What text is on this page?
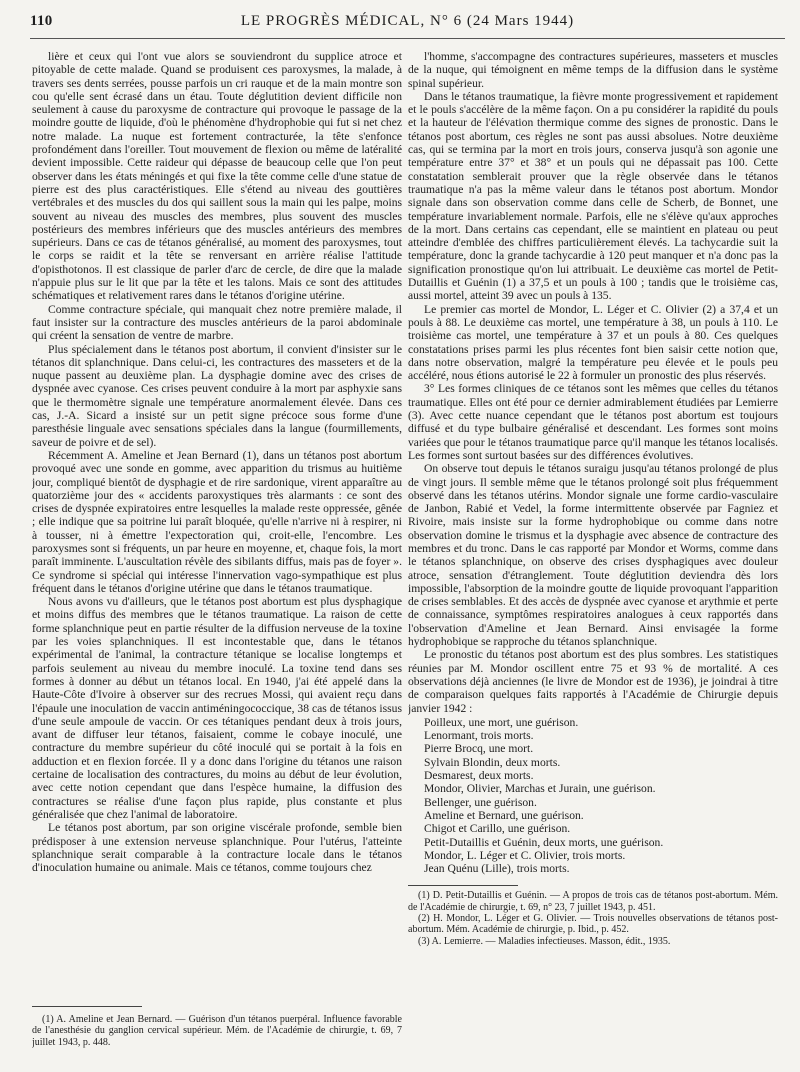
110	LE PROGRÈS MÉDICAL, N° 6 (24 Mars 1944)

lière et ceux qui l'ont vue alors se souviendront du supplice atroce et pitoyable de cette malade. Quand se produisent ces paroxysmes, la malade, à travers ses dents serrées, pousse parfois un cri rauque et de la main montre son cou qu'elle sent écrasé dans un étau. Toute déglutition devient difficile non seulement à cause du paroxysme de contracture qui provoque le passage de la moindre goutte de liquide, d'où le phénomène d'hydrophobie qui fut si net chez notre malade. La nuque est fortement contracturée, la tête s'enfonce profondément dans l'oreiller. Tout mouvement de flexion ou même de latéralité devient impossible. Cette raideur qui dépasse de beaucoup celle que l'on peut observer dans les états méningés et qui fixe la tête comme celle d'une statue de pierre est des plus caractéristiques. Elle s'étend au niveau des gouttières vertébrales et des muscles du dos qui saillent sous la main qui les palpe, moins souvent au niveau des muscles des membres, plus souvent des muscles postérieurs des membres inférieurs que des muscles antérieurs des membres supérieurs. Dans ce cas de tétanos généralisé, au moment des paroxysmes, tout le corps se raidit et la tête se renversant en arrière réalise l'attitude d'opisthotonos. Il est classique de parler d'arc de cercle, de dire que la malade n'appuie plus sur le lit que par la tête et les talons. Mais ce sont des attitudes schématiques et relativement rares dans le tétanos d'origine utérine.

Comme contracture spéciale, qui manquait chez notre première malade, il faut insister sur la contracture des muscles antérieurs de la paroi abdominale qui créent la sensation de ventre de marbre.

Plus spécialement dans le tétanos post abortum, il convient d'insister sur le tétanos dit splanchnique. Dans celui-ci, les contractures des masseters et de la nuque passent au deuxième plan. La dysphagie domine avec des crises de dyspnée avec cyanose. Ces crises peuvent conduire à la mort par asphyxie sans que le thermomètre signale une température anormalement élevée. Dans ces cas, J.-A. Sicard a insisté sur un petit signe précoce sous forme d'une paresthésie linguale avec sensations spéciales dans la langue (fourmillements, saveur de poivre et de sel).

Récemment A. Ameline et Jean Bernard (1), dans un tétanos post abortum provoqué avec une sonde en gomme, avec apparition du trismus au huitième jour, compliqué bientôt de dysphagie et de rire sardonique, virent apparaître au quatorzième jour des « accidents paroxystiques très alarmants : ce sont des crises de dyspnée expiratoires entre lesquelles la malade reste oppressée, gênée ; elle indique que sa poitrine lui paraît bloquée, qu'elle n'arrive ni à respirer, ni à tousser, ni à émettre l'expectoration qui, croit-elle, l'encombre. Les paroxysmes sont si fréquents, un par heure en moyenne, et, chaque fois, la mort paraît imminente. L'auscultation révèle des sibilants diffus, mais pas de foyer ». Ce syndrome si spécial qui intéresse l'innervation vago-sympathique est plus fréquent dans le tétanos d'origine utérine que dans le tétanos traumatique.

Nous avons vu d'ailleurs, que le tétanos post abortum est plus dysphagique et moins diffus des membres que le tétanos traumatique. La raison de cette forme splanchnique peut en partie résulter de la diffusion nerveuse de la toxine par les voies splanchniques. Il est incontestable que, dans le tétanos expérimental de l'animal, la contracture tétanique se localise longtemps et parfois seulement au niveau du membre inoculé. La toxine tend dans ses formes à donner au début un tétanos local. En 1940, j'ai été appelé dans la Haute-Côte d'Ivoire à observer sur des recrues Mossi, qui avaient reçu dans l'épaule une inoculation de vaccin antiméningococcique, 38 cas de tétanos issus d'une seule ampoule de vaccin. Or ces tétaniques pendant deux à trois jours, avant de diffuser leur tétanos, faisaient, comme le cobaye inoculé, une contracture du membre supérieur du côté inoculé qui se portait à la fois en adduction et en flexion forcée. Il y a donc dans l'origine du tétanos une raison certaine de localisation des contractures, du moins au début de leur évolution, avec cette notion cependant que dans l'espèce humaine, la diffusion des contractures se réalise d'une façon plus rapide, plus constante et plus généralisée que chez l'animal de laboratoire.

Le tétanos post abortum, par son origine viscérale profonde, semble bien prédisposer à une extension nerveuse splanchnique. Pour l'utérus, l'atteinte splanchnique serait comparable à la contracture locale dans le tétanos d'inoculation humaine ou animale. Mais ce tétanos, comme toujours chez

(1) A. Ameline et Jean Bernard. — Guérison d'un tétanos puerpéral. Influence favorable de l'anesthésie du ganglion cervical supérieur. Mém. de l'Académie de chirurgie, t. 69, 7 juillet 1943, p. 448.

l'homme, s'accompagne des contractures supérieures, masseters et muscles de la nuque, qui témoignent en même temps de la diffusion dans le système spinal supérieur.

Dans le tétanos traumatique, la fièvre monte progressivement et rapidement et le pouls s'accélère de la même façon. On a pu considérer la rapidité du pouls et la hauteur de l'élévation thermique comme des signes de pronostic. Dans le tétanos post abortum, ces règles ne sont pas aussi absolues. Notre deuxième cas, qui se termina par la mort en trois jours, conserva jusqu'à son agonie une température entre 37° et 38° et un pouls qui ne dépassait pas 100. Cette constatation semblerait prouver que la règle observée dans le tétanos traumatique n'a pas la même valeur dans le tétanos post abortum. Mondor signale dans son observation comme dans celle de Scherb, de Bonnet, une température invariablement normale. Parfois, elle ne s'élève qu'aux approches de la mort. Dans certains cas cependant, elle se maintient en plateau ou peut atteindre d'emblée des chiffres particulièrement élevés. La tachycardie suit la température, donc la grande tachycardie à 120 peut manquer et n'a donc pas la signification pronostique qu'on lui attribuait. Le deuxième cas mortel de Petit-Dutaillis et Guénin (1) a 37,5 et un pouls à 100 ; tandis que le troisième cas, aussi mortel, atteint 39 avec un pouls à 135.

Le premier cas mortel de Mondor, L. Léger et C. Olivier (2) a 37,4 et un pouls à 88. Le deuxième cas mortel, une température à 38, un pouls à 110. Le troisième cas mortel, une température à 37 et un pouls à 80. Ces quelques constatations prises parmi les plus récentes font bien saisir cette notion que, dans notre observation, malgré la température peu élevée et le pouls peu accéléré, nous étions autorisé le 22 à formuler un pronostic des plus réservés.

3° Les formes cliniques de ce tétanos sont les mêmes que celles du tétanos traumatique. Elles ont été pour ce dernier admirablement étudiées par Lemierre (3). Avec cette nuance cependant que le tétanos post abortum est toujours diffusé et du type bulbaire généralisé et descendant. Les formes sont moins variées que pour le tétanos traumatique parce qu'il manque les tétanos localisés. Les formes sont surtout basées sur des différences évolutives.

On observe tout depuis le tétanos suraigu jusqu'au tétanos prolongé de plus de vingt jours. Il semble même que le tétanos prolongé soit plus fréquemment observé dans les tétanos utérins. Mondor signale une forme cardio-vasculaire de Janbon, Rabié et Vedel, la forme intermittente observée par Fagniez et Rivoire, mais insiste sur la forme hydrophobique ou comme dans notre observation domine le trismus et la dysphagie avec absence de contracture des membres et du tronc. Dans le cas rapporté par Mondor et Worms, comme dans le tétanos splanchnique, on observe des crises dysphagiques avec douleur atroce, sensation d'étranglement. Toute déglutition deviendra dès lors impossible, l'absorption de la moindre goutte de liquide provoquant l'apparition de crises semblables. Et des accès de dyspnée avec cyanose et arythmie et perte de connaissance, symptômes respiratoires analogues à ceux rapportés dans l'observation d'Ameline et Jean Bernard. Ainsi envisagée la forme hydrophobique se rapproche du tétanos splanchnique.

Le pronostic du tétanos post abortum est des plus sombres. Les statistiques réunies par M. Mondor oscillent entre 75 et 93 % de mortalité. A ces observations déjà anciennes (le livre de Mondor est de 1936), je joindrai à titre de comparaison quelques faits rapportés à l'Académie de Chirurgie depuis janvier 1942 :

Poilleux, une mort, une guérison.
Lenormant, trois morts.
Pierre Brocq, une mort.
Sylvain Blondin, deux morts.
Desmarest, deux morts.
Mondor, Olivier, Marchas et Jurain, une guérison.
Bellenger, une guérison.
Ameline et Bernard, une guérison.
Chigot et Carillo, une guérison.
Petit-Dutaillis et Guénin, deux morts, une guérison.
Mondor, L. Léger et C. Olivier, trois morts.
Jean Quénu (Lille), trois morts.

(1) D. Petit-Dutaillis et Guénin. — A propos de trois cas de tétanos post-abortum. Mém. de l'Académie de chirurgie, t. 69, n° 23, 7 juillet 1943, p. 451.

(2) H. Mondor, L. Léger et G. Olivier. — Trois nouvelles observations de tétanos post-abortum. Mém. Académie de chirurgie, p. Ibid., p. 452.

(3) A. Lemierre. — Maladies infectieuses. Masson, édit., 1935.
